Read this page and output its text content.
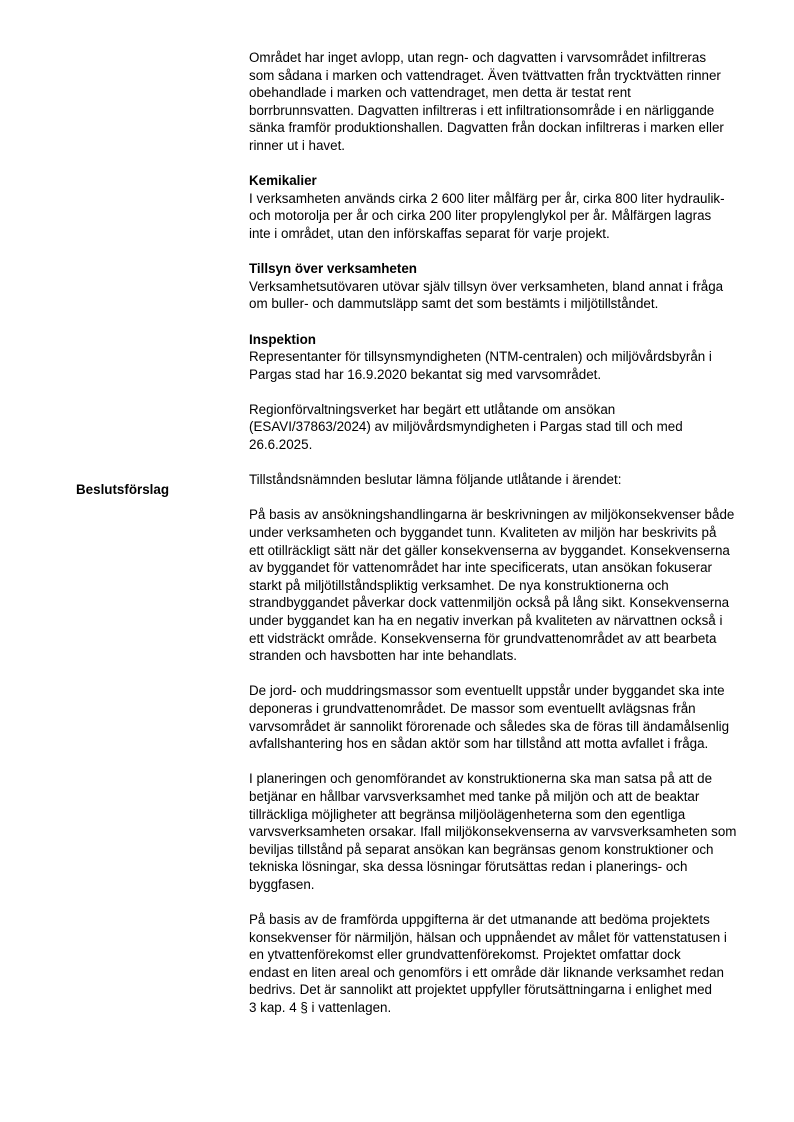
Beslutsförslag

Området har inget avlopp, utan regn- och dagvatten i varvsområdet infiltreras
som sådana i marken och vattendraget. Även tvättvatten från trycktvätten rinner
obehandlade i marken och vattendraget, men detta är testat rent
borrbrunnsvatten. Dagvatten infiltreras i ett infiltrationsområde i en närliggande
sänka framför produktionshallen. Dagvatten från dockan infiltreras i marken eller
rinner ut i havet.

Kemikalier

I verksamheten används cirka 2 600 liter målfärg per år, cirka 800 liter hydraulik-
och motorolja per år och cirka 200 liter propylenglykol per år. Målfärgen lagras
inte i området, utan den införskaffas separat för varje projekt.

Tillsyn över verksamheten

Verksamhetsutövaren utövar själv tillsyn över verksamheten, bland annat i fråga
om buller- och dammutsläpp samt det som bestämts i miljötillståndet.

Inspektion

Representanter för tillsynsmyndigheten (NTM-centralen) och miljövårdsbyrån i
Pargas stad har 16.9.2020 bekantat sig med varvsområdet.

Regionförvaltningsverket har begärt ett utlåtande om ansökan
(ESAVI/37863/2024) av miljövårdsmyndigheten i Pargas stad till och med
26.6.2025.

Tillståndsnämnden beslutar lämna följande utlåtande i ärendet:

På basis av ansökningshandlingarna är beskrivningen av miljökonsekvenser både
under verksamheten och byggandet tunn. Kvaliteten av miljön har beskrivits på
ett otillräckligt sätt när det gäller konsekvenserna av byggandet. Konsekvenserna
av byggandet för vattenområdet har inte specificerats, utan ansökan fokuserar
starkt på miljötillståndspliktig verksamhet. De nya konstruktionerna och
strandbyggandet påverkar dock vattenmiljön också på lång sikt. Konsekvenserna
under byggandet kan ha en negativ inverkan på kvaliteten av närvattnen också i
ett vidsträckt område. Konsekvenserna för grundvattenområdet av att bearbeta
stranden och havsbotten har inte behandlats.

De jord- och muddringsmassor som eventuellt uppstår under byggandet ska inte
deponeras i grundvattenområdet. De massor som eventuellt avlägsnas från
varvsområdet är sannolikt förorenade och således ska de föras till ändamålsenlig
avfallshantering hos en sådan aktör som har tillstånd att motta avfallet i fråga.

I planeringen och genomförandet av konstruktionerna ska man satsa på att de
betjänar en hållbar varvsverksamhet med tanke på miljön och att de beaktar
tillräckliga möjligheter att begränsa miljöolägenheterna som den egentliga
varvsverksamheten orsakar. Ifall miljökonsekvenserna av varvsverksamheten som
beviljas tillstånd på separat ansökan kan begränsas genom konstruktioner och
tekniska lösningar, ska dessa lösningar förutsättas redan i planerings- och
byggfasen.

På basis av de framförda uppgifterna är det utmanande att bedöma projektets
konsekvenser för närmiljön, hälsan och uppnåendet av målet för vattenstatusen i
en ytvattenförekomst eller grundvattenförekomst. Projektet omfattar dock
endast en liten areal och genomförs i ett område där liknande verksamhet redan
bedrivs. Det är sannolikt att projektet uppfyller förutsättningarna i enlighet med
3 kap. 4 § i vattenlagen.
